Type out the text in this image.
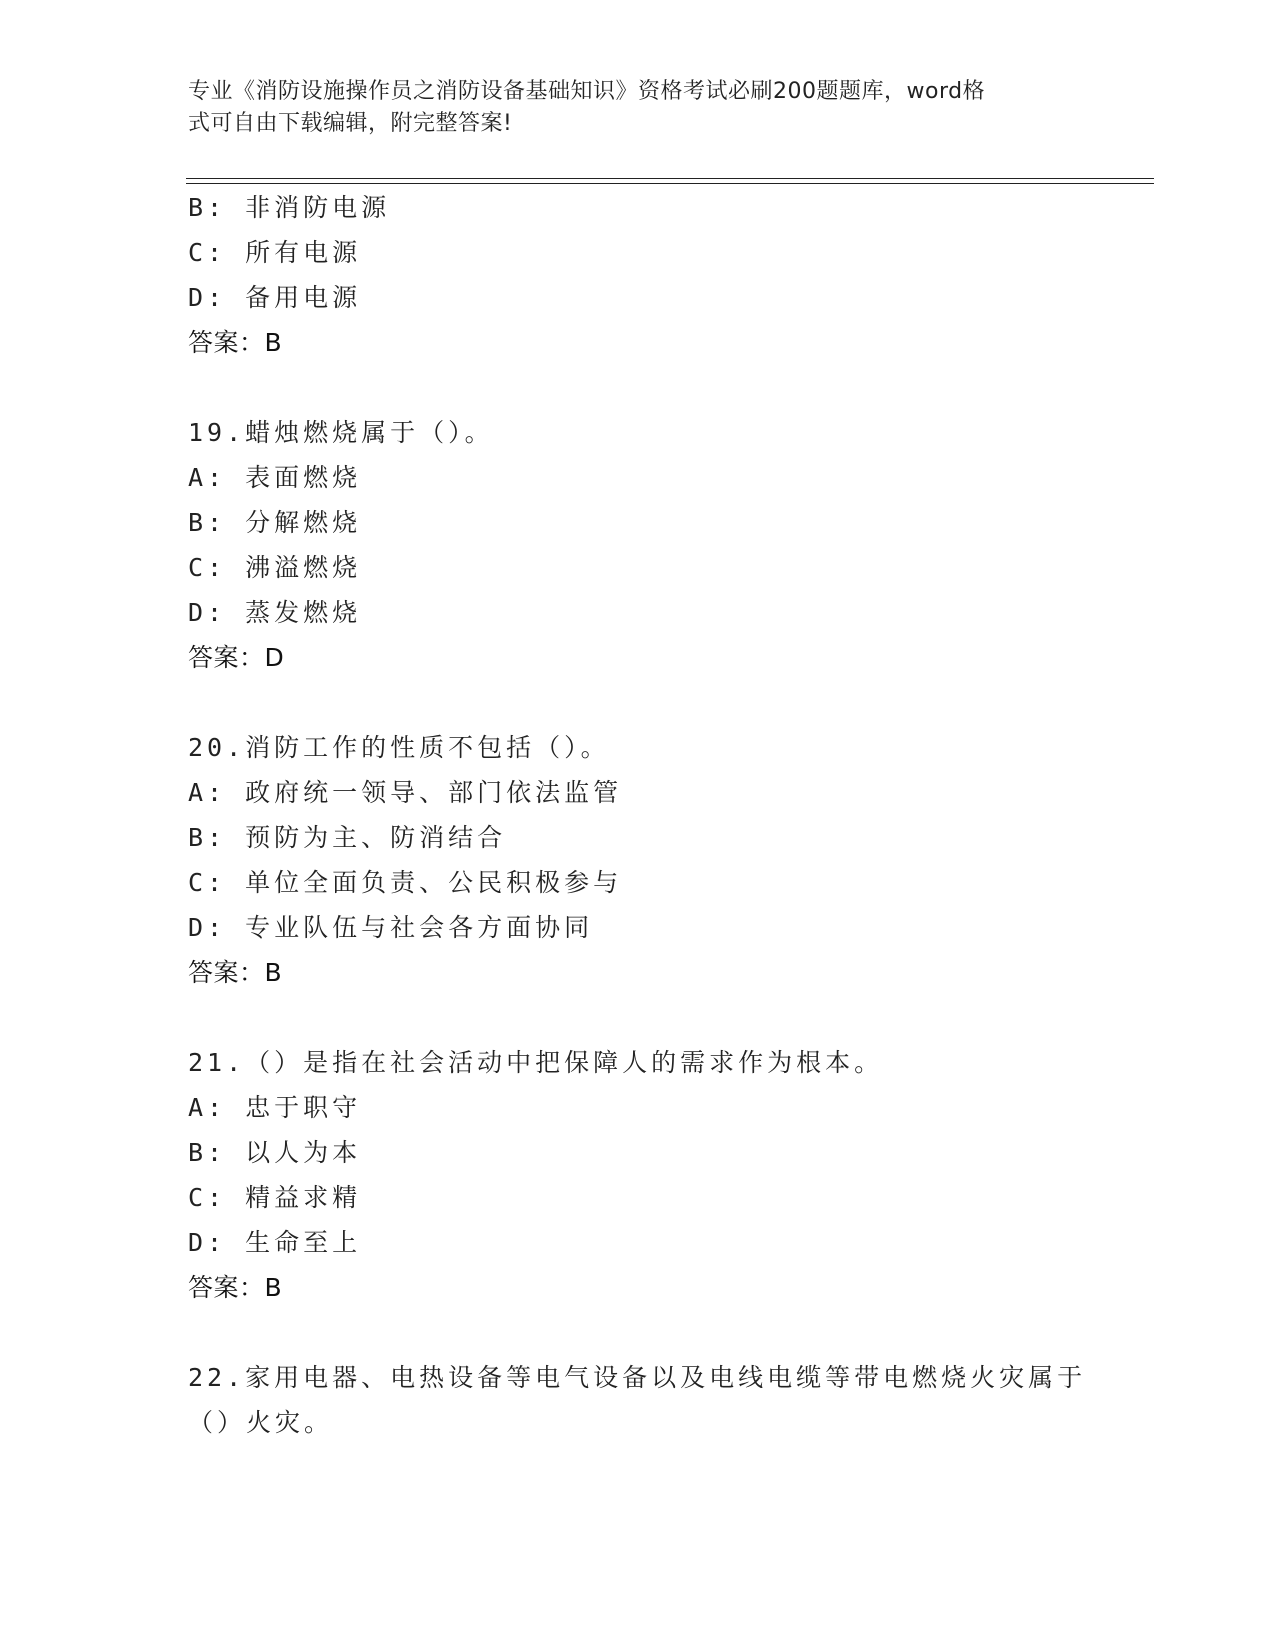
专业《消防设施操作员之消防设备基础知识》资格考试必刷200题题库，word格
式可自由下载编辑，附完整答案!
B: 非消防电源
C: 所有电源
D: 备用电源
答案：B
19.蜡烛燃烧属于（）。
A: 表面燃烧
B: 分解燃烧
C: 沸溢燃烧
D: 蒸发燃烧
答案：D
20.消防工作的性质不包括（）。
A: 政府统一领导、部门依法监管
B: 预防为主、防消结合
C: 单位全面负责、公民积极参与
D: 专业队伍与社会各方面协同
答案：B
21.（）是指在社会活动中把保障人的需求作为根本。
A: 忠于职守
B: 以人为本
C: 精益求精
D: 生命至上
答案：B
22.家用电器、电热设备等电气设备以及电线电缆等带电燃烧火灾属于
（）火灾。
